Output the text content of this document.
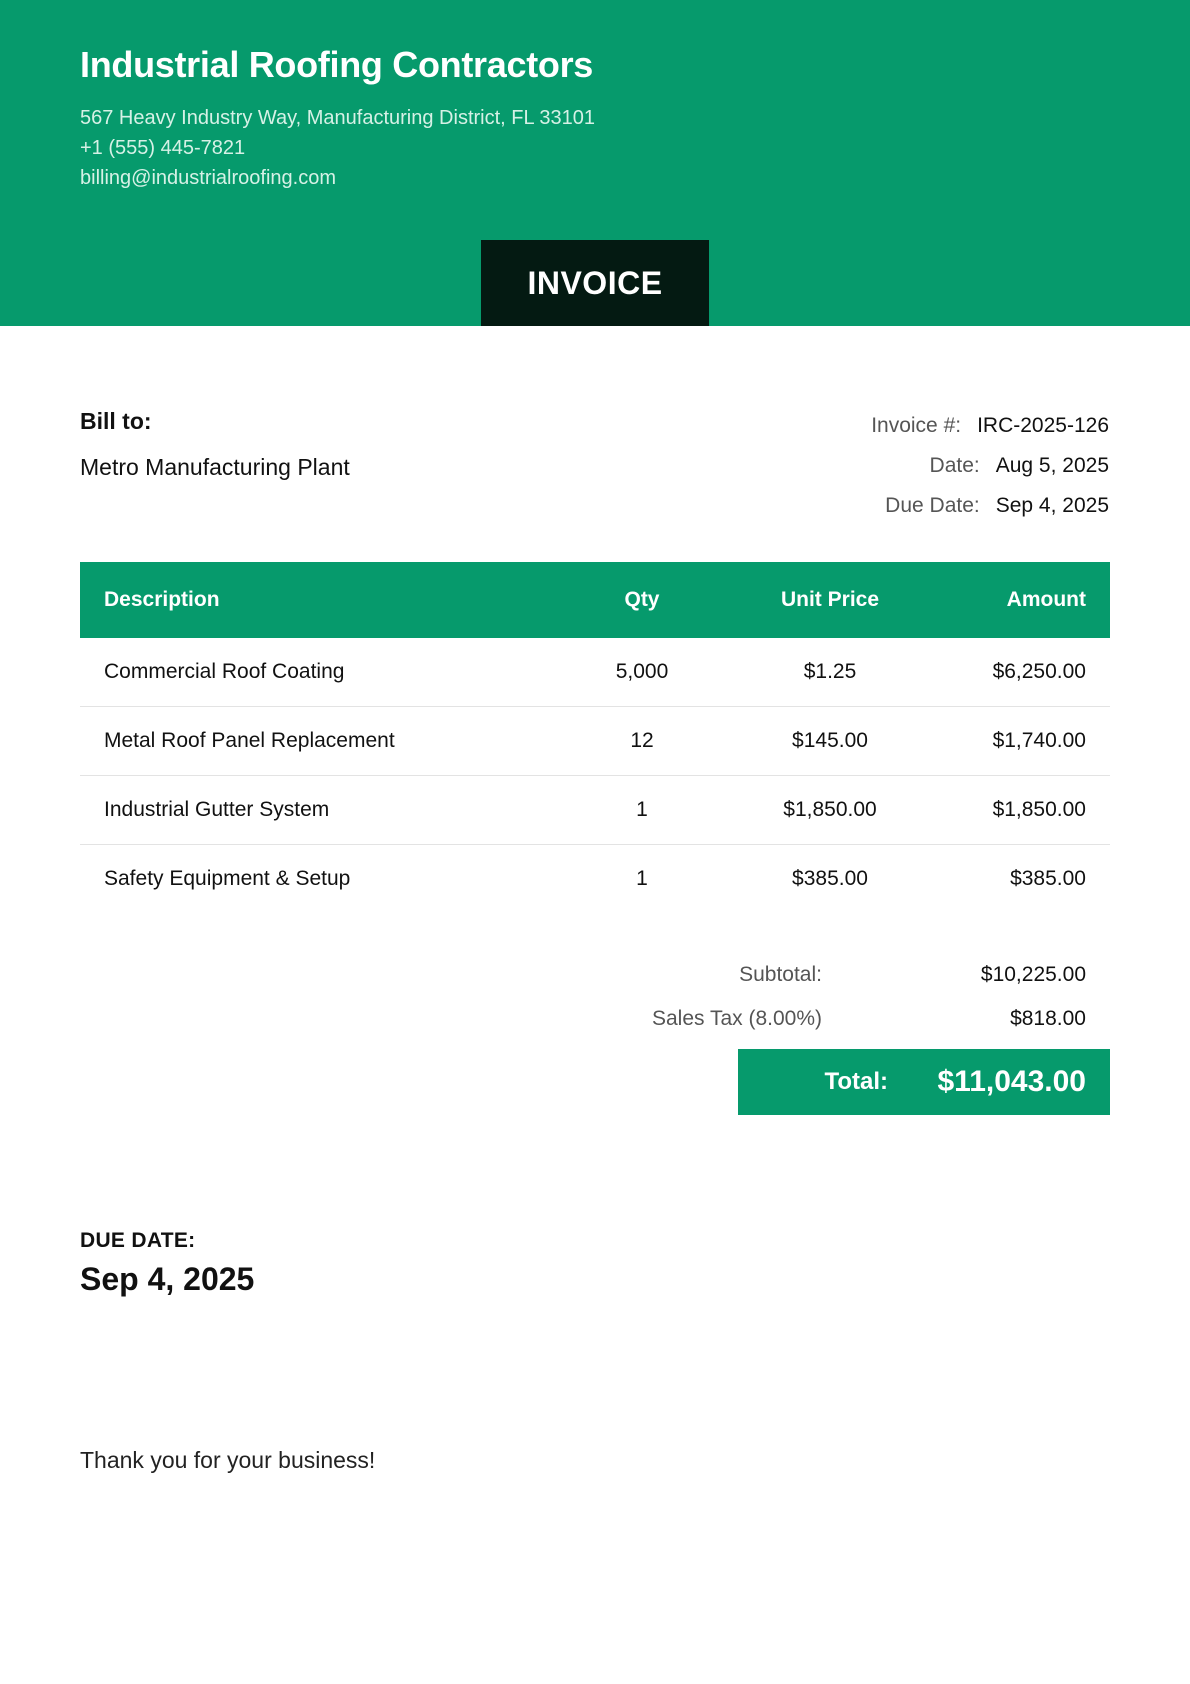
Industrial Roofing Contractors
567 Heavy Industry Way, Manufacturing District, FL 33101
+1 (555) 445-7821
billing@industrialroofing.com
INVOICE
Bill to:
Metro Manufacturing Plant
Invoice #: IRC-2025-126
Date: Aug 5, 2025
Due Date: Sep 4, 2025
Description	Qty	Unit Price	Amount
Commercial Roof Coating	5,000	$1.25	$6,250.00
Metal Roof Panel Replacement	12	$145.00	$1,740.00
Industrial Gutter System	1	$1,850.00	$1,850.00
Safety Equipment & Setup	1	$385.00	$385.00
Subtotal:	$10,225.00
Sales Tax (8.00%)	$818.00
Total:	$11,043.00
DUE DATE:
Sep 4, 2025
Thank you for your business!
